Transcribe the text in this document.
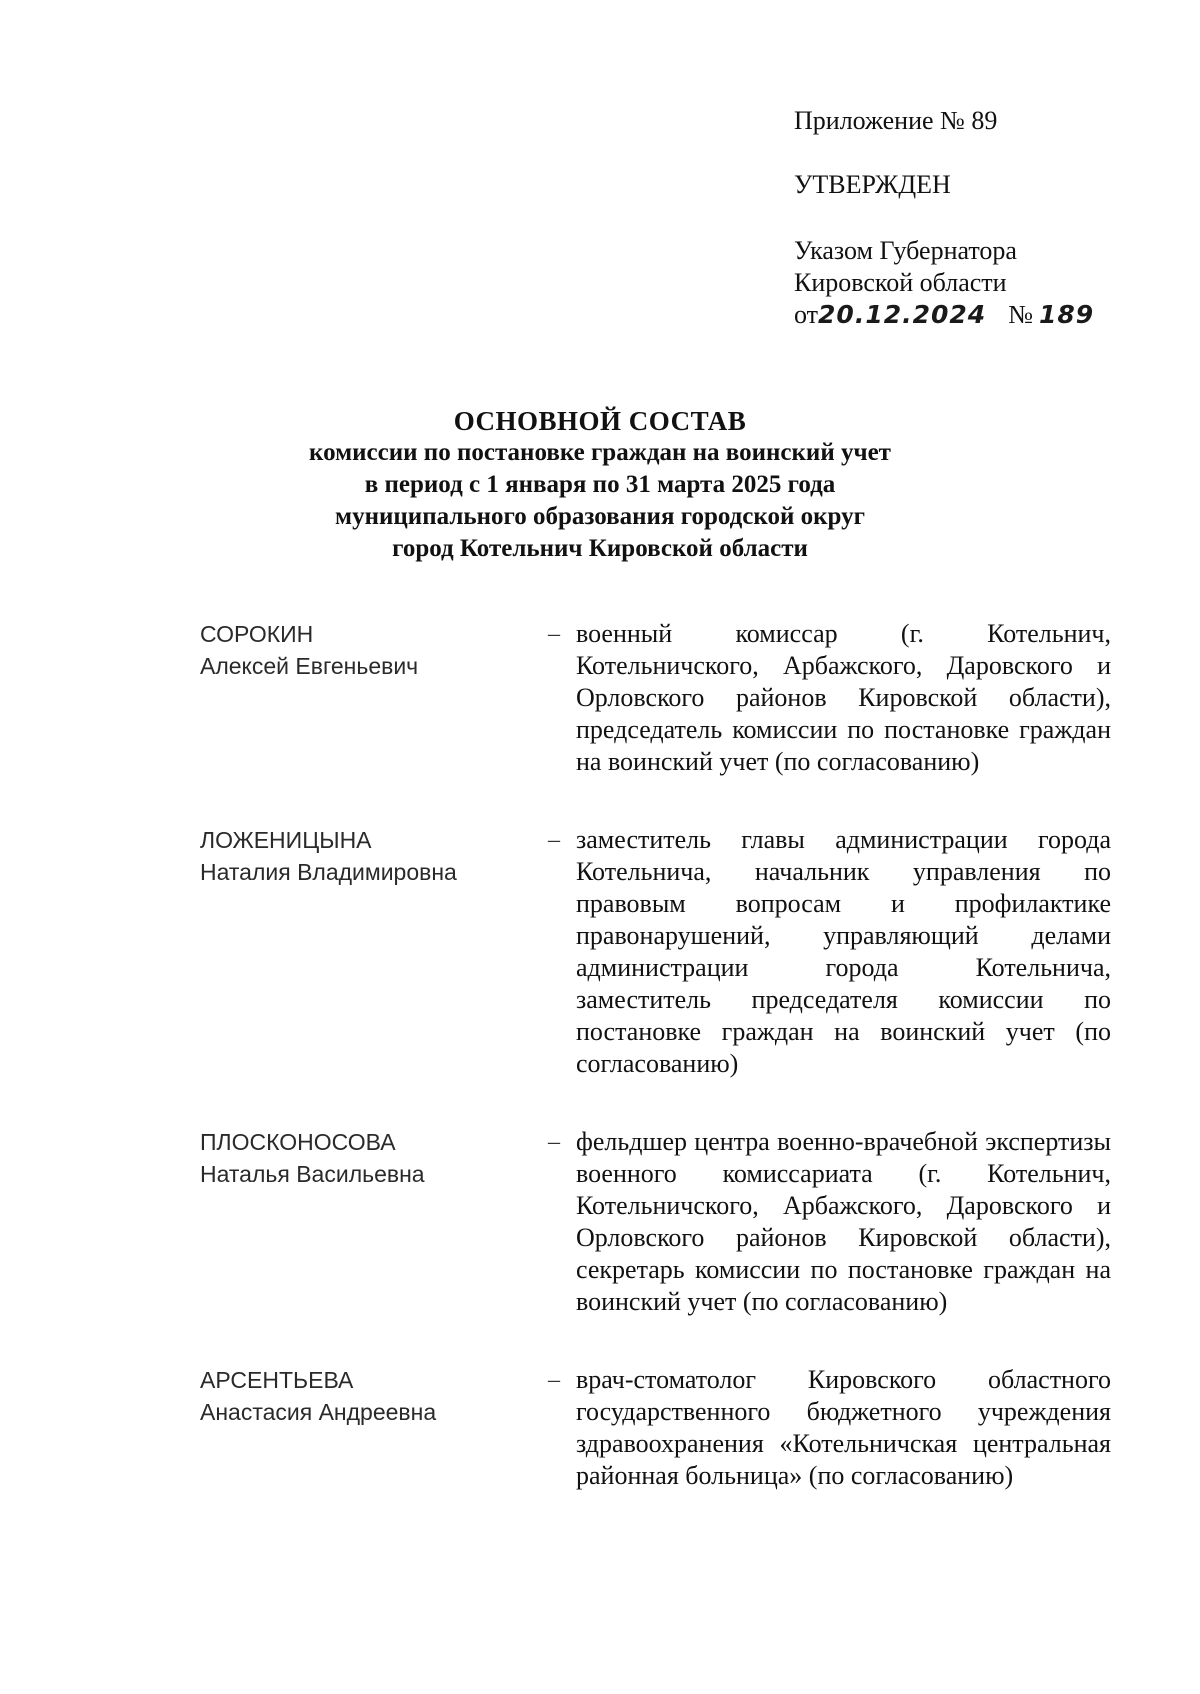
Приложение № 89
УТВЕРЖДЕН
Указом Губернатора
Кировской области
от20.12.2024 № 189
ОСНОВНОЙ СОСТАВ
комиссии по постановке граждан на воинский учет
в период с 1 января по 31 марта 2025 года
муниципального образования городской округ
город Котельнич Кировской области
СОРОКИН
Алексей Евгеньевич
– военный комиссар (г. Котельнич, Котельничского, Арбажского, Даровского и Орловского районов Кировской области), председатель комиссии по постановке граждан на воинский учет (по согласованию)
ЛОЖЕНИЦЫНА
Наталия Владимировна
– заместитель главы администрации города Котельнича, начальник управления по правовым вопросам и профилактике правонарушений, управляющий делами администрации города Котельнича, заместитель председателя комиссии по постановке граждан на воинский учет (по согласованию)
ПЛОСКОНОСОВА
Наталья Васильевна
– фельдшер центра военно-врачебной экспертизы военного комиссариата (г. Котельнич, Котельничского, Арбажского, Даровского и Орловского районов Кировской области), секретарь комиссии по постановке граждан на воинский учет (по согласованию)
АРСЕНТЬЕВА
Анастасия Андреевна
– врач-стоматолог Кировского областного государственного бюджетного учреждения здравоохранения «Котельничская центральная районная больница» (по согласованию)
